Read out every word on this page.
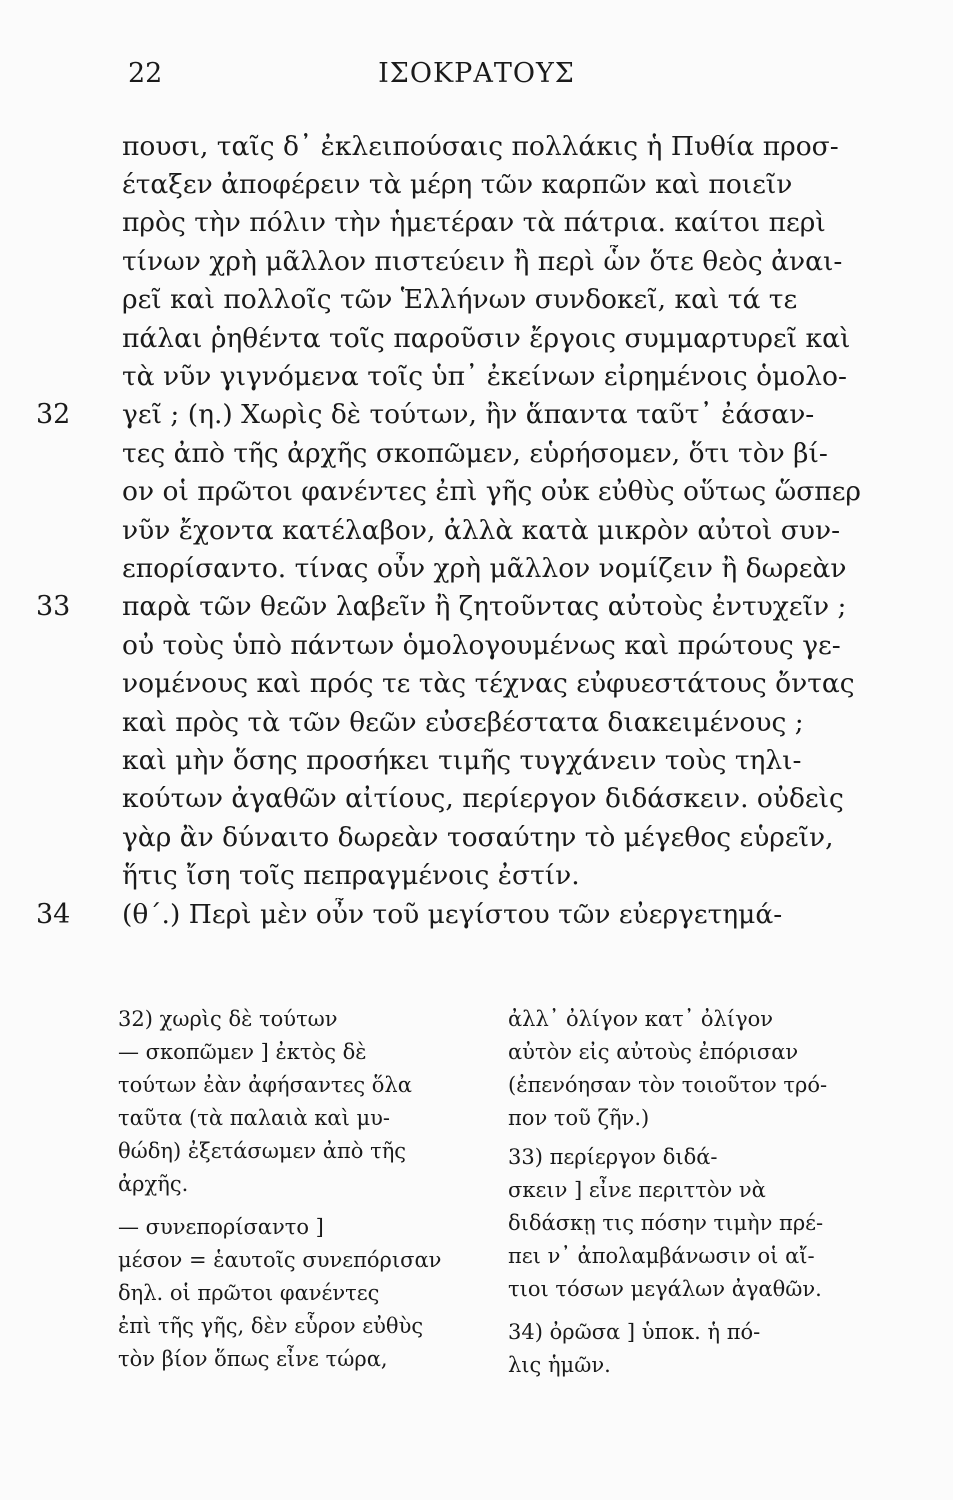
22	ΙΣΟΚΡΑΤΟΥΣ
πουσι, ταῖς δ᾽ ἐκλειπούσαις πολλάκις ἡ Πυθία προσ-
έταξεν ἀποφέρειν τὰ μέρη τῶν καρπῶν καὶ ποιεῖν
πρὸς τὴν πόλιν τὴν ἡμετέραν τὰ πάτρια. καίτοι περὶ
τίνων χρὴ μᾶλλον πιστεύειν ἢ περὶ ὧν ὅτε θεὸς ἀναι-
ρεῖ καὶ πολλοῖς τῶν Ἑλλήνων συνδοκεῖ, καὶ τά τε
πάλαι ῥηθέντα τοῖς παροῦσιν ἔργοις συμμαρτυρεῖ καὶ
τὰ νῦν γιγνόμενα τοῖς ὑπ᾽ ἐκείνων εἰρημένοις ὁμολο-
32 γεῖ ; (η.) Χωρὶς δὲ τούτων, ἢν ἅπαντα ταῦτ᾽ ἐάσαν-
τες ἀπὸ τῆς ἀρχῆς σκοπῶμεν, εὑρήσομεν, ὅτι τὸν βί-
ον οἱ πρῶτοι φανέντες ἐπὶ γῆς οὐκ εὐθὺς οὕτως ὥσπερ
νῦν ἔχοντα κατέλαβον, ἀλλὰ κατὰ μικρὸν αὐτοὶ συν-
επορίσαντο. τίνας οὖν χρὴ μᾶλλον νομίζειν ἢ δωρεὰν
33 παρὰ τῶν θεῶν λαβεῖν ἢ ζητοῦντας αὐτοὺς ἐντυχεῖν ;
οὐ τοὺς ὑπὸ πάντων ὁμολογουμένως καὶ πρώτους γε-
νομένους καὶ πρός τε τὰς τέχνας εὐφυεστάτους ὄντας
καὶ πρὸς τὰ τῶν θεῶν εὐσεβέστατα διακειμένους ;
καὶ μὴν ὅσης προσήκει τιμῆς τυγχάνειν τοὺς τηλι-
κούτων ἀγαθῶν αἰτίους, περίεργον διδάσκειν. οὐδεὶς
γὰρ ἂν δύναιτο δωρεὰν τοσαύτην τὸ μέγεθος εὑρεῖν,
ἥτις ἴση τοῖς πεπραγμένοις ἐστίν.
34 (θ΄.) Περὶ μὲν οὖν τοῦ μεγίστου τῶν εὐεργετημά-
32) χωρὶς δὲ τούτων
— σκοπῶμεν ] ἐκτὸς δὲ
τούτων ἐὰν ἀφήσαντες ὅλα
ταῦτα (τὰ παλαιὰ καὶ μυ-
θώδη) ἐξετάσωμεν ἀπὸ τῆς
ἀρχῆς.
— συνεπορίσαντο ]
μέσον = ἑαυτοῖς συνεπόρισαν
δηλ. οἱ πρῶτοι φανέντες
ἐπὶ τῆς γῆς, δὲν εὗρον εὐθὺς
τὸν βίον ὅπως εἶνε τώρα,
ἀλλ᾽ ὀλίγον κατ᾽ ὀλίγον
αὐτὸν εἰς αὐτοὺς ἐπόρισαν
(ἐπενόησαν τὸν τοιοῦτον τρό-
πον τοῦ ζῆν.)
33) περίεργον διδά-
σκειν ] εἶνε περιττὸν νὰ
διδάσκῃ τις πόσην τιμὴν πρέ-
πει ν᾽ ἀπολαμβάνωσιν οἱ αἴ-
τιοι τόσων μεγάλων ἀγαθῶν.
34) ὀρῶσα ] ὑποκ. ἡ πό-
λις ἡμῶν.
